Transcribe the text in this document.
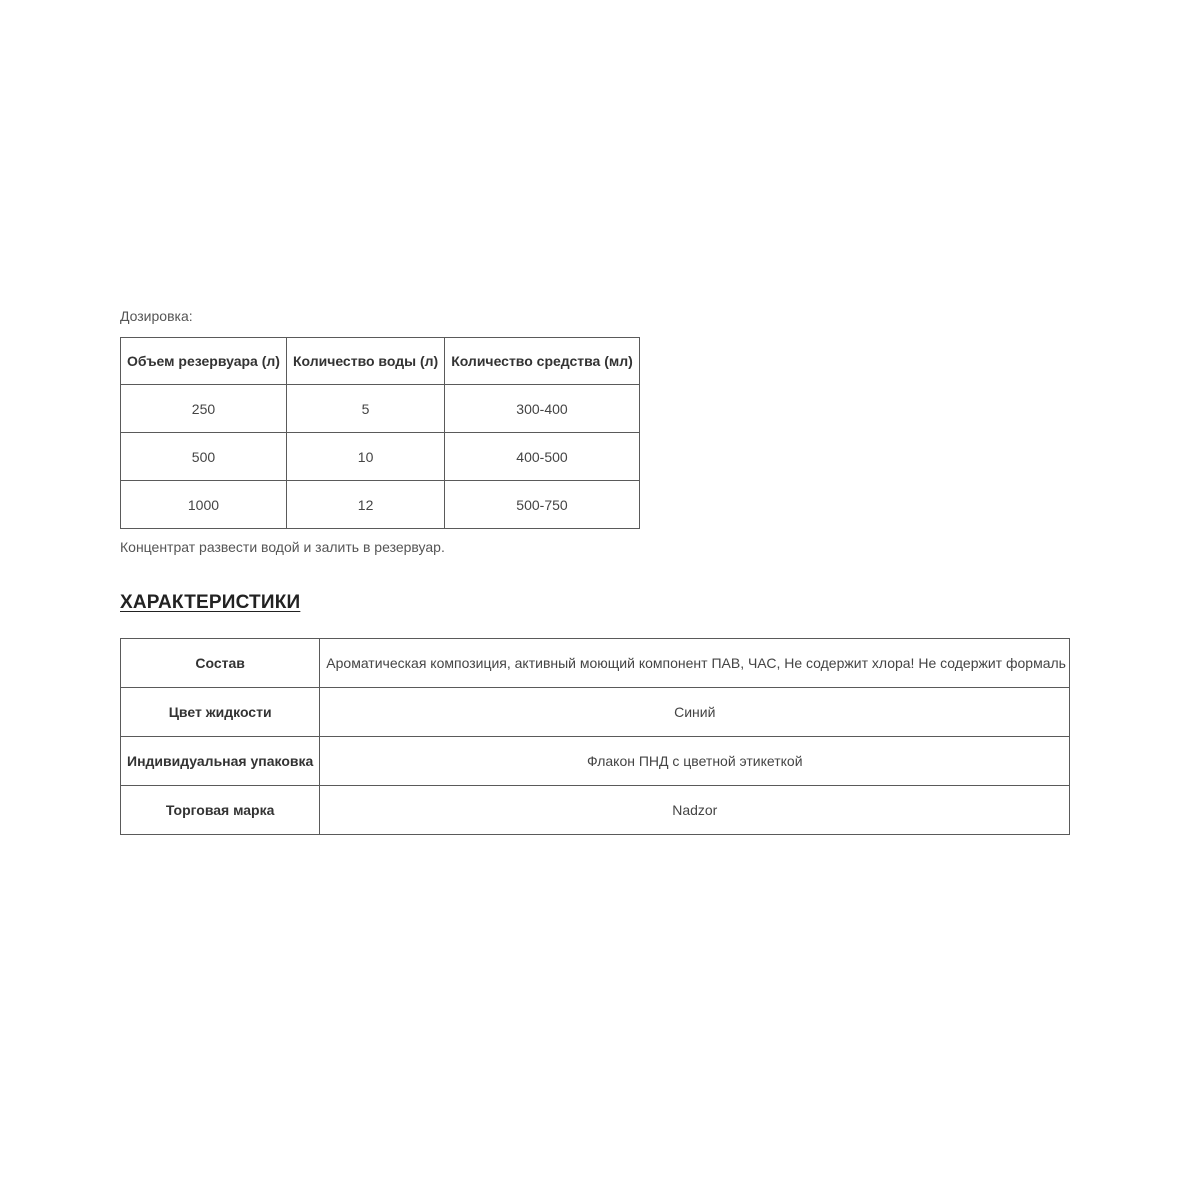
Дозировка:
Объем резервуара (л)	Количество воды (л)	Количество средства (мл)
250	5	300-400
500	10	400-500
1000	12	500-750
Концентрат развести водой и залить в резервуар.
ХАРАКТЕРИСТИКИ
Состав	Ароматическая композиция, активный моющий компонент ПАВ, ЧАС, Не содержит хлора! Не содержит формаль
Цвет жидкости	Синий
Индивидуальная упаковка	Флакон ПНД с цветной этикеткой
Торговая марка	Nadzor
